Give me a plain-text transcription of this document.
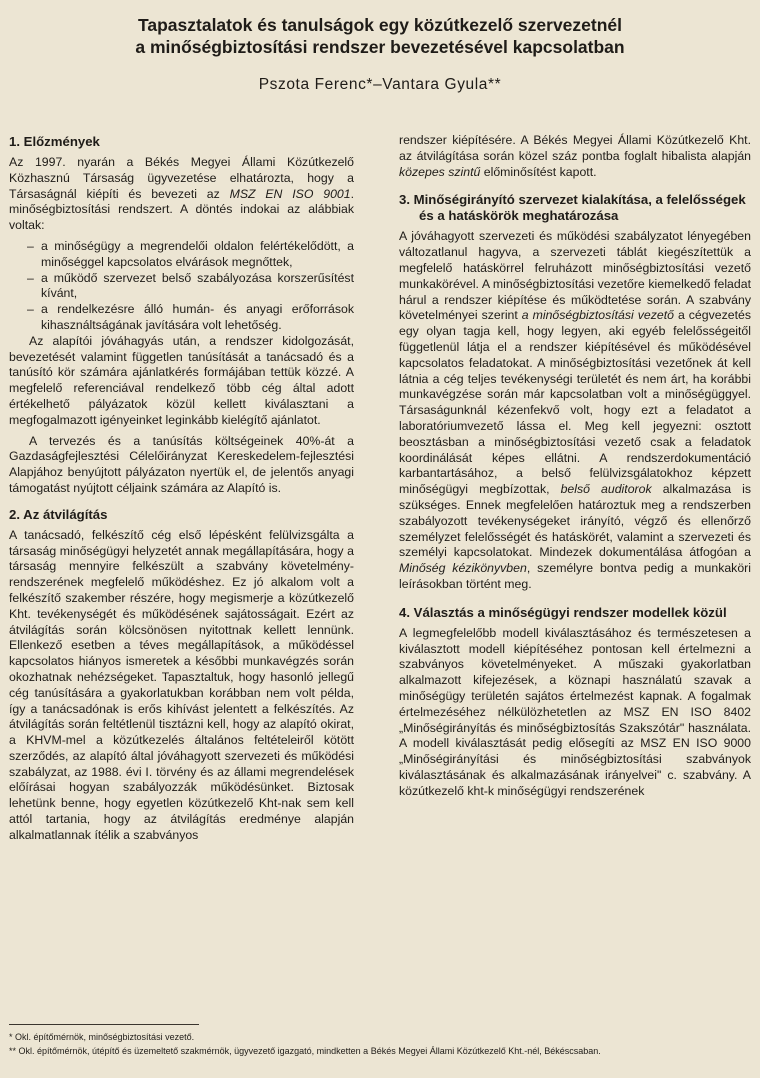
Tapasztalatok és tanulságok egy közútkezelő szervezetnél
a minőségbiztosítási rendszer bevezetésével kapcsolatban
Pszota Ferenc*–Vantara Gyula**
1. Előzmények

Az 1997. nyarán a Békés Megyei Állami Közútkezelő Közhasznú Társaság ügyvezetése elhatározta, hogy a Társaságnál kiépíti és bevezeti az MSZ EN ISO 9001. minőségbiztosítási rendszert. A döntés indokai az alábbiak voltak:

– a minőségügy a megrendelői oldalon felértékelődött, a minőséggel kapcsolatos elvárások megnőttek,
– a működő szervezet belső szabályozása korszerűsítést kívánt,
– a rendelkezésre álló humán- és anyagi erőforrások kihasználtságának javítására volt lehetőség.

Az alapítói jóváhagyás után, a rendszer kidolgozását, bevezetését valamint független tanúsítását a tanácsadó és a tanúsító kör számára ajánlatkérés formájában tettük közzé. A megfelelő referenciával rendelkező több cég által adott értékelhető pályázatok közül kellett kiválasztani a megfogalmazott igényeinket leginkább kielégítő ajánlatot.

A tervezés és a tanúsítás költségeinek 40%-át a Gazdaságfejlesztési Célelőirányzat Kereskedelem-fejlesztési Alapjához benyújtott pályázaton nyertük el, de jelentős anyagi támogatást nyújtott céljaink számára az Alapító is.

2. Az átvilágítás

A tanácsadó, felkészítő cég első lépésként felülvizsgálta a társaság minőségügyi helyzetét annak megállapítására, hogy a társaság mennyire felkészült a szabvány követelmény-rendszerének megfelelő működéshez. Ez jó alkalom volt a felkészítő szakember részére, hogy megismerje a közútkezelő Kht. tevékenységét és működésének sajátosságait. Ezért az átvilágítás során kölcsönösen nyitottnak kellett lennünk. Ellenkező esetben a téves megállapítások, a működéssel kapcsolatos hiányos ismeretek a későbbi munkavégzés során okozhatnak nehézségeket. Tapasztaltuk, hogy hasonló jellegű cég tanúsítására a gyakorlatukban korábban nem volt példa, így a tanácsadónak is erős kihívást jelentett a felkészítés. Az átvilágítás során feltétlenül tisztázni kell, hogy az alapító okirat, a KHVM-mel a közútkezelés általános feltételeiről kötött szerződés, az alapító által jóváhagyott szervezeti és működési szabályzat, az 1988. évi I. törvény és az állami megrendelések előírásai hogyan szabályozzák működésünket. Biztosak lehetünk benne, hogy egyetlen közútkezelő Kht-nak sem kell attól tartania, hogy az átvilágítás eredménye alapján alkalmatlannak ítélik a szabványos

rendszer kiépítésére. A Békés Megyei Állami Közútkezelő Kht. az átvilágítása során közel száz pontba foglalt hibalista alapján közepes szintű előminősítést kapott.

3. Minőségirányító szervezet kialakítása, a felelősségek és a hatáskörök meghatározása

A jóváhagyott szervezeti és működési szabályzatot lényegében változatlanul hagyva, a szervezeti táblát kiegészítettük a megfelelő hatáskörrel felruházott minőségbiztosítási vezető munkakörével. A minőségbiztosítási vezetőre kiemelkedő feladat hárul a rendszer kiépítése és működtetése során. A szabvány követelményei szerint a minőségbiztosítási vezető a cégvezetés egy olyan tagja kell, hogy legyen, aki egyéb felelősségeitől függetlenül látja el a rendszer kiépítésével és működésével kapcsolatos feladatokat. A minőségbiztosítási vezetőnek át kell látnia a cég teljes tevékenységi területét és nem árt, ha korábbi munkavégzése során már kapcsolatban volt a minőségüggyel. Társaságunknál kézenfekvő volt, hogy ezt a feladatot a laboratóriumvezető lássa el. Meg kell jegyezni: osztott beosztásban a minőségbiztosítási vezető csak a feladatok koordinálását képes ellátni. A rendszerdokumentáció karbantartásához, a belső felülvizsgálatokhoz képzett minőségügyi megbízottak, belső auditorok alkalmazása is szükséges. Ennek megfelelően határoztuk meg a rendszerben szabályozott tevékenységeket irányító, végző és ellenőrző személyzet felelősségét és hatáskörét, valamint a szervezeti és személyi kapcsolatokat. Mindezek dokumentálása átfogóan a Minőség kézikönyvben, személyre bontva pedig a munkaköri leírásokban történt meg.

4. Választás a minőségügyi rendszer modellek közül

A legmegfelelőbb modell kiválasztásához és természetesen a kiválasztott modell kiépítéséhez pontosan kell értelmezni a szabványos követelményeket. A műszaki gyakorlatban alkalmazott kifejezések, a köznapi használatú szavak a minőségügy területén sajátos értelmezést kapnak. A fogalmak értelmezéséhez nélkülözhetetlen az MSZ EN ISO 8402 „Minőségirányítás és minőségbiztosítás Szakszótár" használata. A modell kiválasztását pedig elősegíti az MSZ EN ISO 9000 „Minőségirányítási és minőségbiztosítási szabványok kiválasztásának és alkalmazásának irányelvei" c. szabvány. A közútkezelő kht-k minőségügyi rendszerének

* Okl. építőmérnök, minőségbiztosítási vezető.
** Okl. építőmérnök, útépítő és üzemeltető szakmérnök, ügyvezető igazgató, mindketten a Békés Megyei Állami Közútkezelő Kht.-nél, Békéscsaban.
